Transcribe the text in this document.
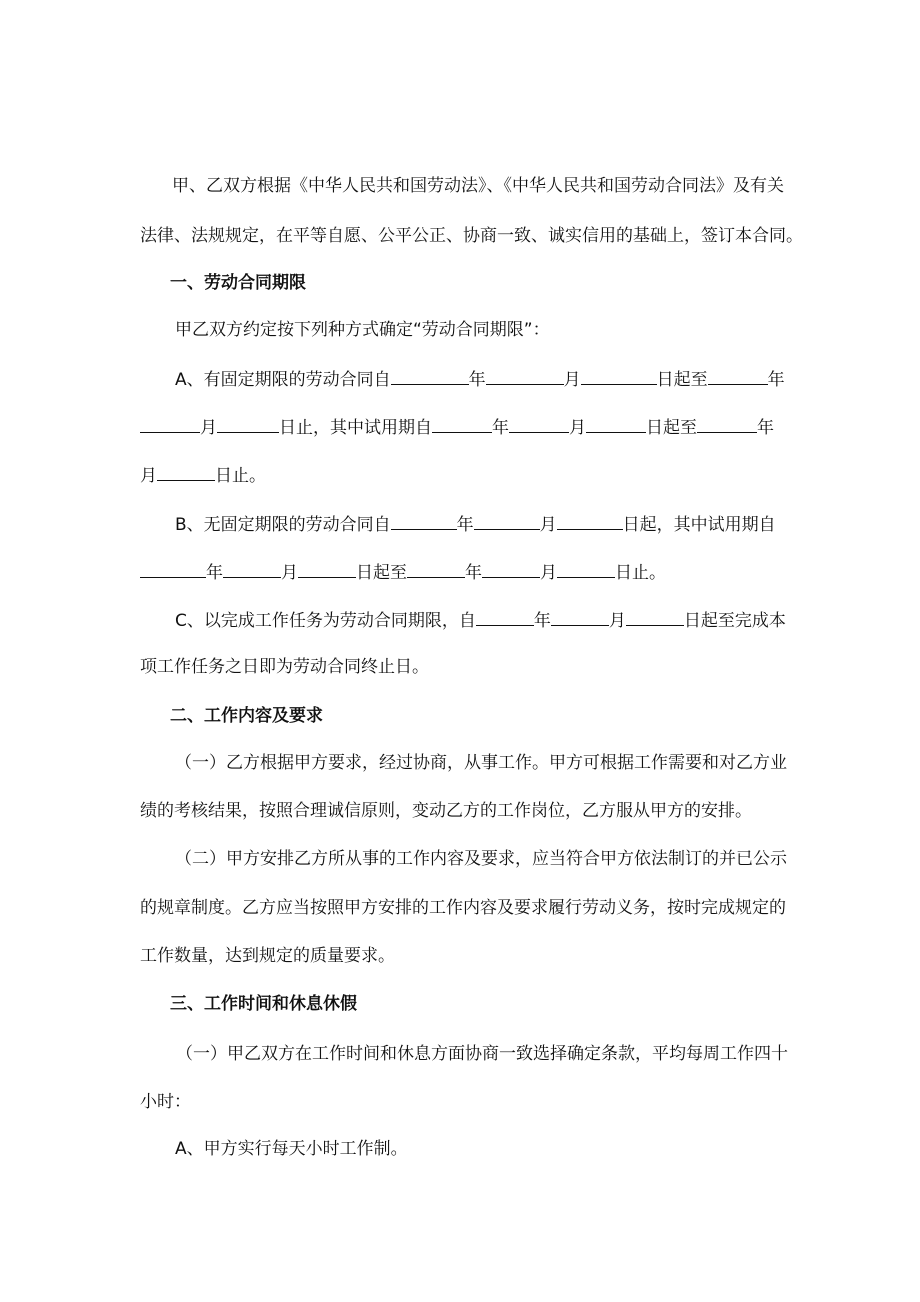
甲、乙双方根据《中华人民共和国劳动法》、《中华人民共和国劳动合同法》及有关
法律、法规规定，在平等自愿、公平公正、协商一致、诚实信用的基础上，签订本合同。
一、劳动合同期限
甲乙双方约定按下列种方式确定“劳动合同期限”：
A、有固定期限的劳动合同自	年	月	日起至	年
月	日止，其中试用期自	年	月	日起至	年
月	日止。
B、无固定期限的劳动合同自	年	月	日起，其中试用期自
年	月	日起至	年	月	日止。
C、以完成工作任务为劳动合同期限，自	年	月	日起至完成本
项工作任务之日即为劳动合同终止日。
二、工作内容及要求
（一）乙方根据甲方要求，经过协商，从事工作。甲方可根据工作需要和对乙方业
绩的考核结果，按照合理诚信原则，变动乙方的工作岗位，乙方服从甲方的安排。
（二）甲方安排乙方所从事的工作内容及要求，应当符合甲方依法制订的并已公示
的规章制度。乙方应当按照甲方安排的工作内容及要求履行劳动义务，按时完成规定的
工作数量，达到规定的质量要求。
三、工作时间和休息休假
（一）甲乙双方在工作时间和休息方面协商一致选择确定条款，平均每周工作四十
小时：
A、甲方实行每天小时工作制。
